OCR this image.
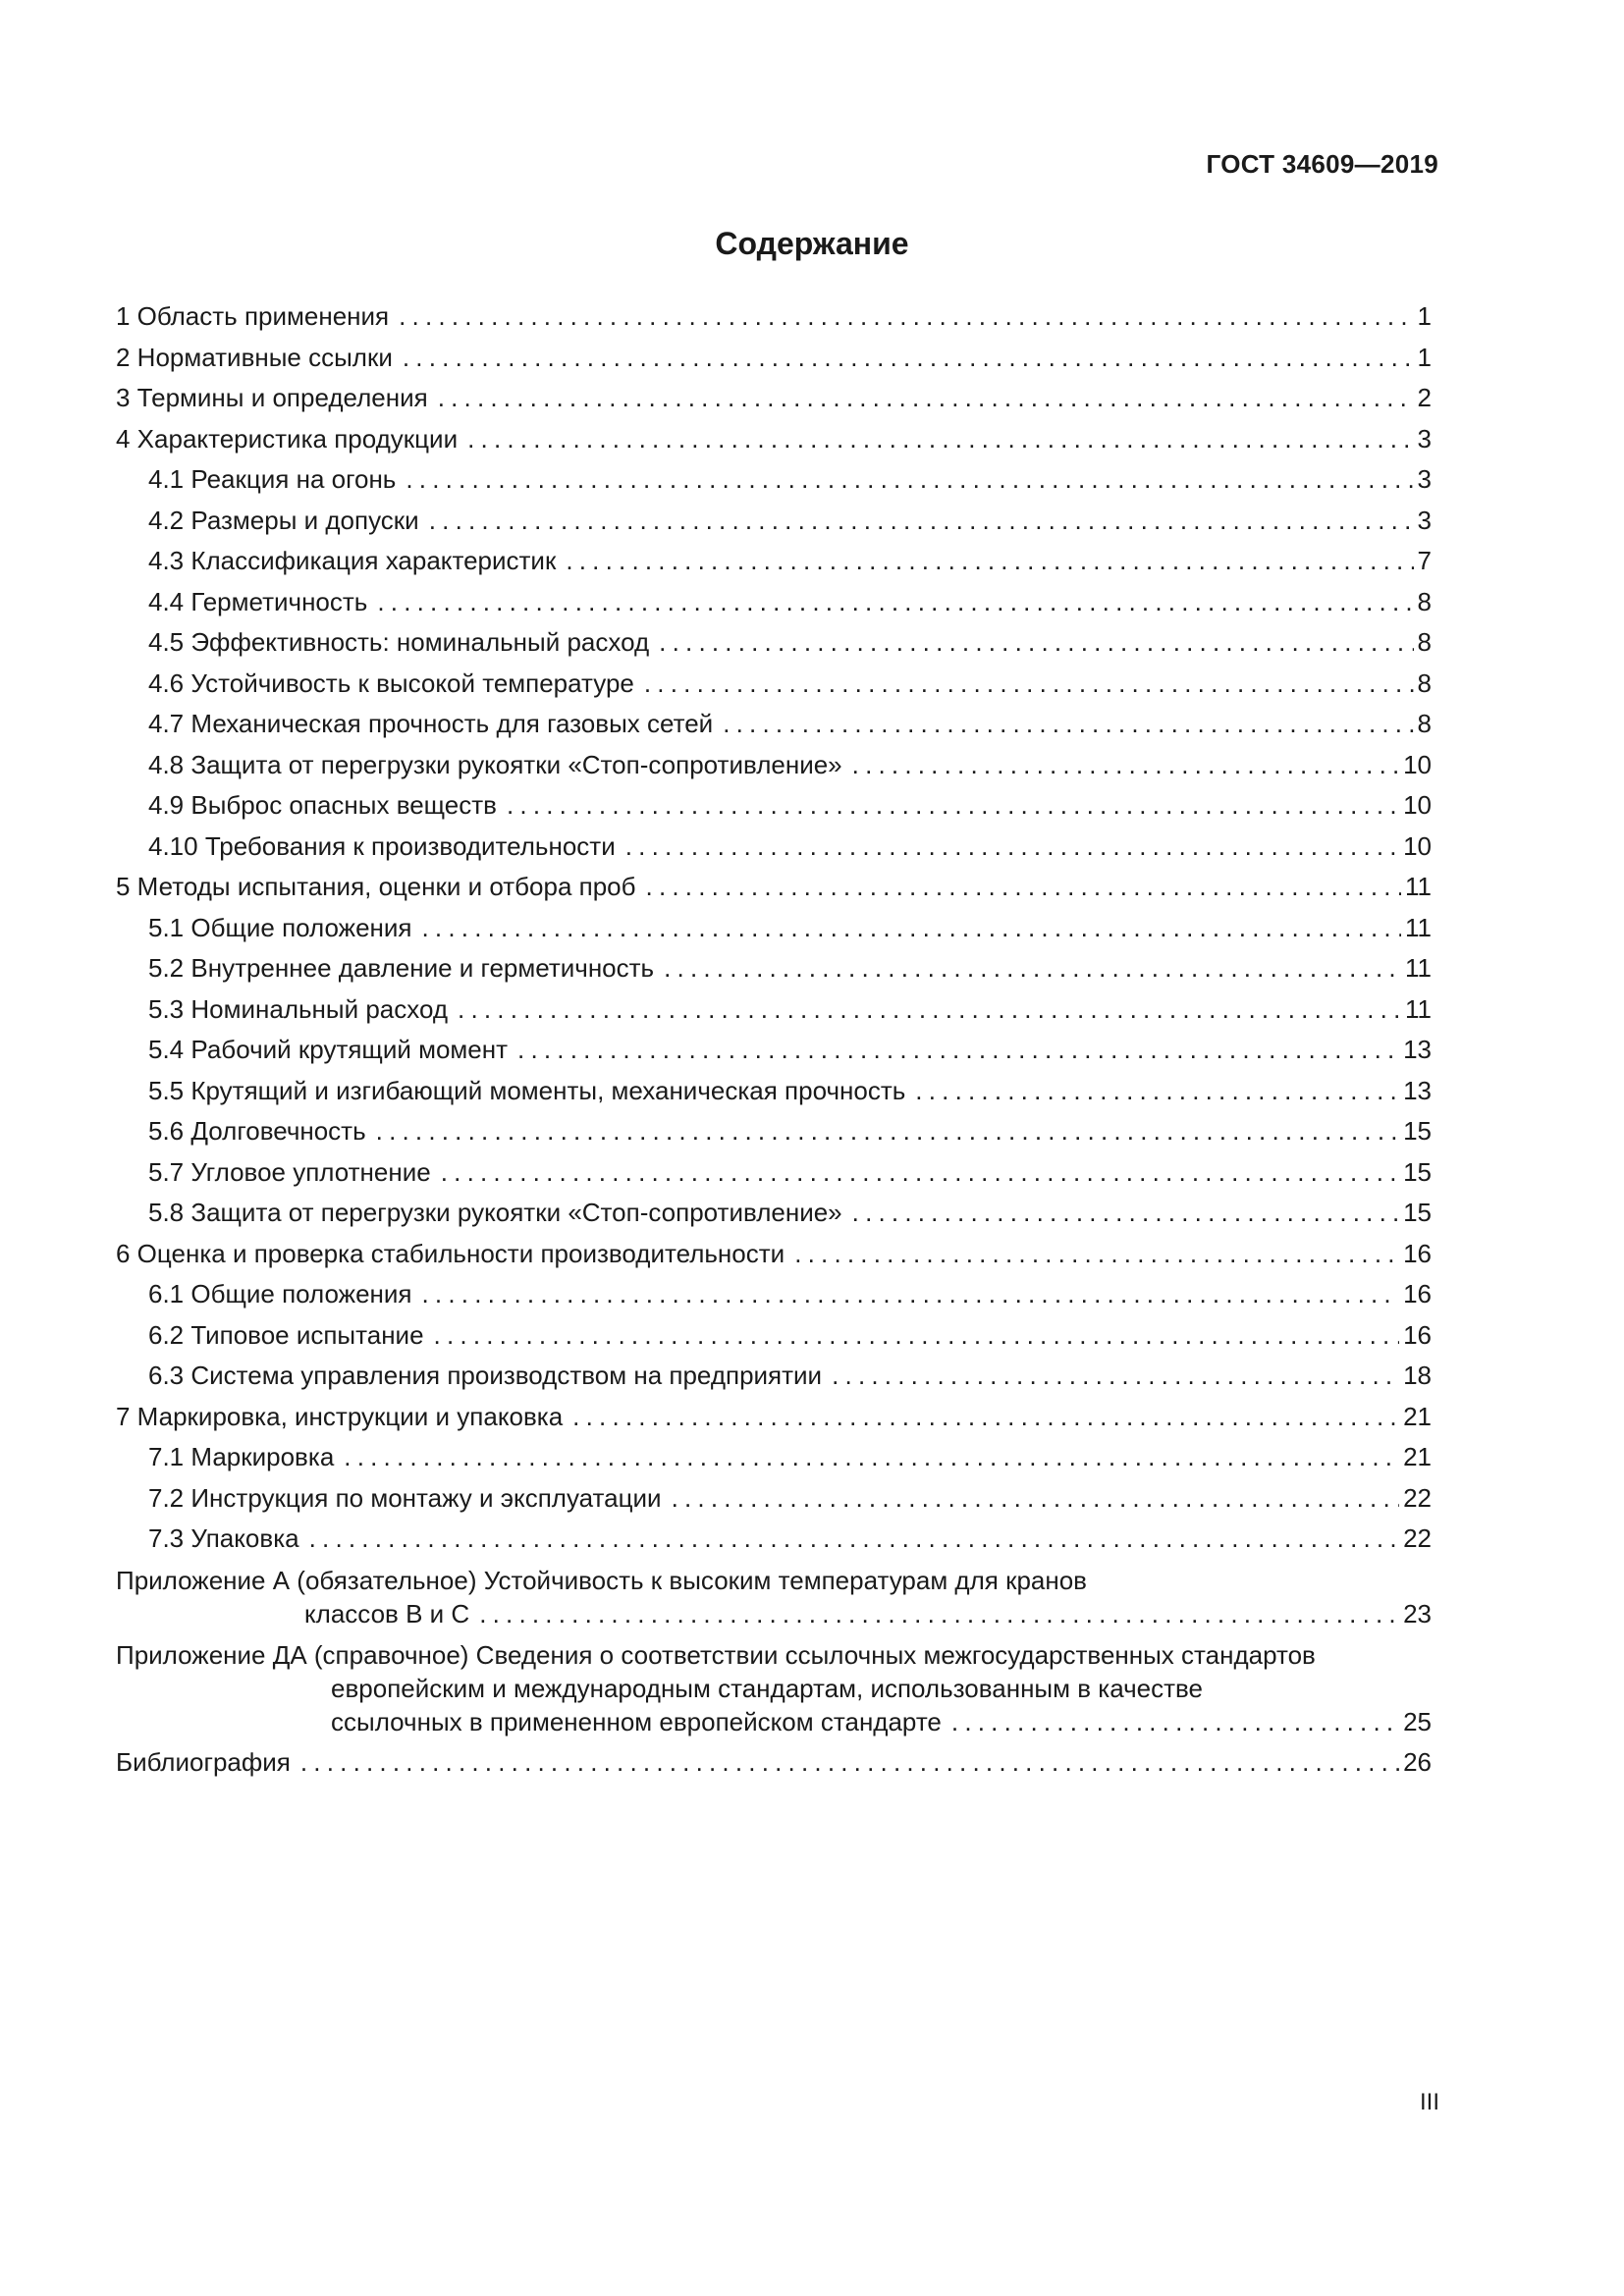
ГОСТ 34609—2019
Содержание
1 Область применения .....	1
2 Нормативные ссылки .....	1
3 Термины и определения .....	2
4 Характеристика продукции .....	3
4.1 Реакция на огонь .....	3
4.2 Размеры и допуски .....	3
4.3 Классификация характеристик .....	7
4.4 Герметичность .....	8
4.5 Эффективность: номинальный расход .....	8
4.6 Устойчивость к высокой температуре .....	8
4.7 Механическая прочность для газовых сетей .....	8
4.8 Защита от перегрузки рукоятки «Стоп-сопротивление» .....	10
4.9 Выброс опасных веществ .....	10
4.10 Требования к производительности .....	10
5 Методы испытания, оценки и отбора проб .....	11
5.1 Общие положения .....	11
5.2 Внутреннее давление и герметичность .....	11
5.3 Номинальный расход .....	11
5.4 Рабочий крутящий момент .....	13
5.5 Крутящий и изгибающий моменты, механическая прочность .....	13
5.6 Долговечность .....	15
5.7 Угловое уплотнение .....	15
5.8 Защита от перегрузки рукоятки «Стоп-сопротивление» .....	15
6 Оценка и проверка стабильности производительности .....	16
6.1 Общие положения .....	16
6.2 Типовое испытание .....	16
6.3 Система управления производством на предприятии .....	18
7 Маркировка, инструкции и упаковка .....	21
7.1 Маркировка .....	21
7.2 Инструкция по монтажу и эксплуатации .....	22
7.3 Упаковка .....	22
Приложение А (обязательное) Устойчивость к высоким температурам для кранов
классов В и С .....	23
Приложение ДА (справочное) Сведения о соответствии ссылочных межгосударственных стандартов
европейским и международным стандартам, использованным в качестве
ссылочных в примененном европейском стандарте .....	25
Библиография .....	26
III
